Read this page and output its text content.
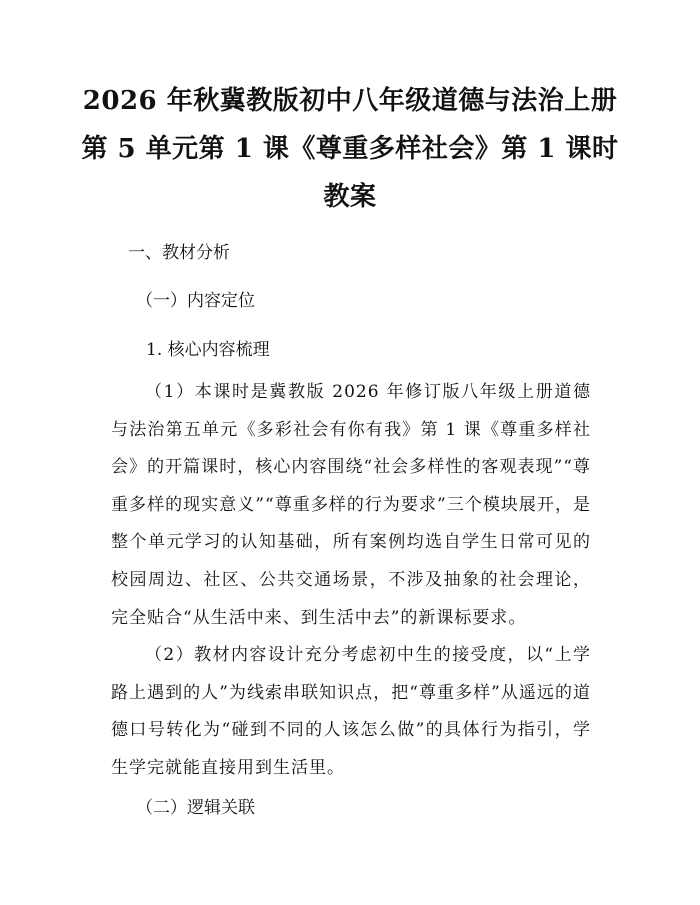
2026 年秋冀教版初中八年级道德与法治上册
第 5 单元第 1 课《尊重多样社会》第 1 课时
教案
一、教材分析
（一）内容定位
1. 核心内容梳理
（1）本课时是冀教版 2026 年修订版八年级上册道德与法治第五单元《多彩社会有你有我》第 1 课《尊重多样社会》的开篇课时，核心内容围绕“社会多样性的客观表现”“尊重多样的现实意义”“尊重多样的行为要求”三个模块展开，是整个单元学习的认知基础，所有案例均选自学生日常可见的校园周边、社区、公共交通场景，不涉及抽象的社会理论，完全贴合“从生活中来、到生活中去”的新课标要求。
（2）教材内容设计充分考虑初中生的接受度，以“上学路上遇到的人”为线索串联知识点，把“尊重多样”从遥远的道德口号转化为“碰到不同的人该怎么做”的具体行为指引，学生学完就能直接用到生活里。
（二）逻辑关联
